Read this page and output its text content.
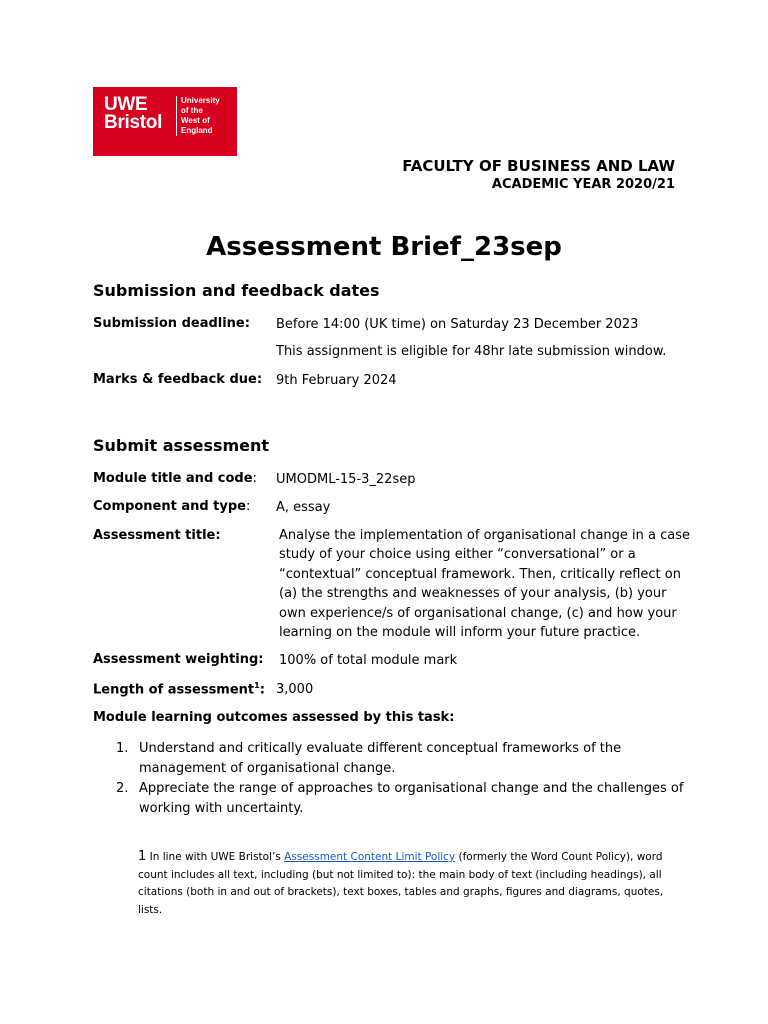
UWE
Bristol
University
of the
West of
England
FACULTY OF BUSINESS AND LAW
ACADEMIC YEAR 2020/21
Assessment Brief_23sep
Submission and feedback dates
Submission deadline: Before 14:00 (UK time) on Saturday 23 December 2023
This assignment is eligible for 48hr late submission window.
Marks & feedback due: 9th February 2024
Submit assessment
Module title and code: UMODML-15-3_22sep
Component and type: A, essay
Assessment title:	Analyse the implementation of organisational change in a case
study of your choice using either “conversational” or a
“contextual” conceptual framework. Then, critically reflect on
(a) the strengths and weaknesses of your analysis, (b) your
own experience/s of organisational change, (c) and how your
learning on the module will inform your future practice.
Assessment weighting: 100% of total module mark
Length of assessment$^1$: 3,000
Module learning outcomes assessed by this task:
1. Understand and critically evaluate different conceptual frameworks of the
management of organisational change.
2. Appreciate the range of approaches to organisational change and the challenges of
working with uncertainty.
1 In line with UWE Bristol’s Assessment Content Limit Policy (formerly the Word Count Policy), word
count includes all text, including (but not limited to): the main body of text (including headings), all
citations (both in and out of brackets), text boxes, tables and graphs, figures and diagrams, quotes,
lists.
